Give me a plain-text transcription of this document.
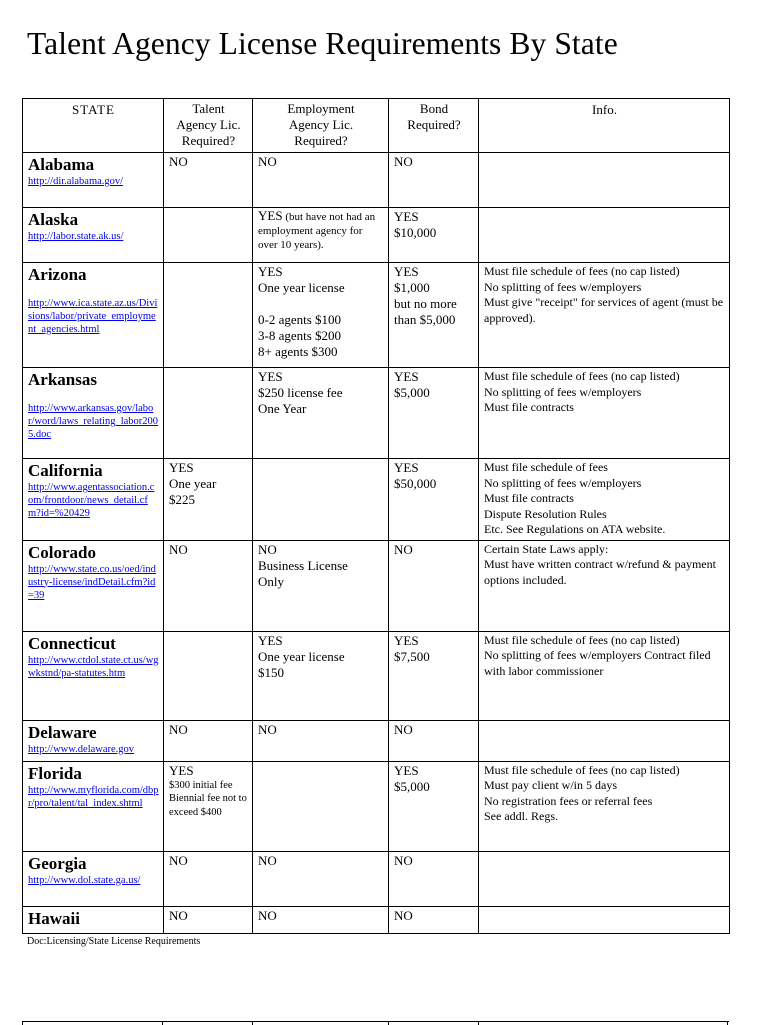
Talent Agency License Requirements By State
STATE	Talent
Agency Lic.
Required?	Employment
Agency Lic.
Required?	Bond
Required?	Info.

Alabama
http://dir.alabama.gov/	NO	NO	NO	

Alaska
http://labor.state.ak.us/		YES (but have not had an employment agency for over 10 years).	YES
$10,000	

Arizona
http://www.ica.state.az.us/Divisions/labor/private_employment_agencies.html		YES
One year license

0-2 agents $100
3-8 agents $200
8+ agents $300	YES
$1,000
but no more than $5,000	Must file schedule of fees (no cap listed)
No splitting of fees w/employers
Must give "receipt" for services of agent (must be approved).

Arkansas
http://www.arkansas.gov/labor/word/laws_relating_labor2005.doc		YES
$250 license fee
One Year	YES
$5,000	Must file schedule of fees (no cap listed)
No splitting of fees w/employers
Must file contracts

California
http://www.agentassociation.com/frontdoor/news_detail.cfm?id=%20429	YES
One year
$225		YES
$50,000	Must file schedule of fees
No splitting of fees w/employers
Must file contracts
Dispute Resolution Rules
Etc. See Regulations on ATA website.

Colorado
http://www.state.co.us/oed/industry-license/indDetail.cfm?id=39	NO	NO
Business License
Only	NO	Certain State Laws apply:
Must have written contract w/refund & payment options included.

Connecticut
http://www.ctdol.state.ct.us/wgwkstnd/pa-statutes.htm		YES
One year license
$150	YES
$7,500	Must file schedule of fees (no cap listed)
No splitting of fees w/employers Contract filed with labor commissioner

Delaware
http://www.delaware.gov	NO	NO	NO	

Florida
http://www.myflorida.com/dbpr/pro/talent/tal_index.shtml	YES
$300 initial fee
Biennial fee not to exceed $400		YES
$5,000	Must file schedule of fees (no cap listed)
Must pay client w/in 5 days
No registration fees or referral fees
See addl. Regs.

Georgia
http://www.dol.state.ga.us/	NO	NO	NO	

Hawaii	NO	NO	NO	

Doc:Licensing/State License Requirements
